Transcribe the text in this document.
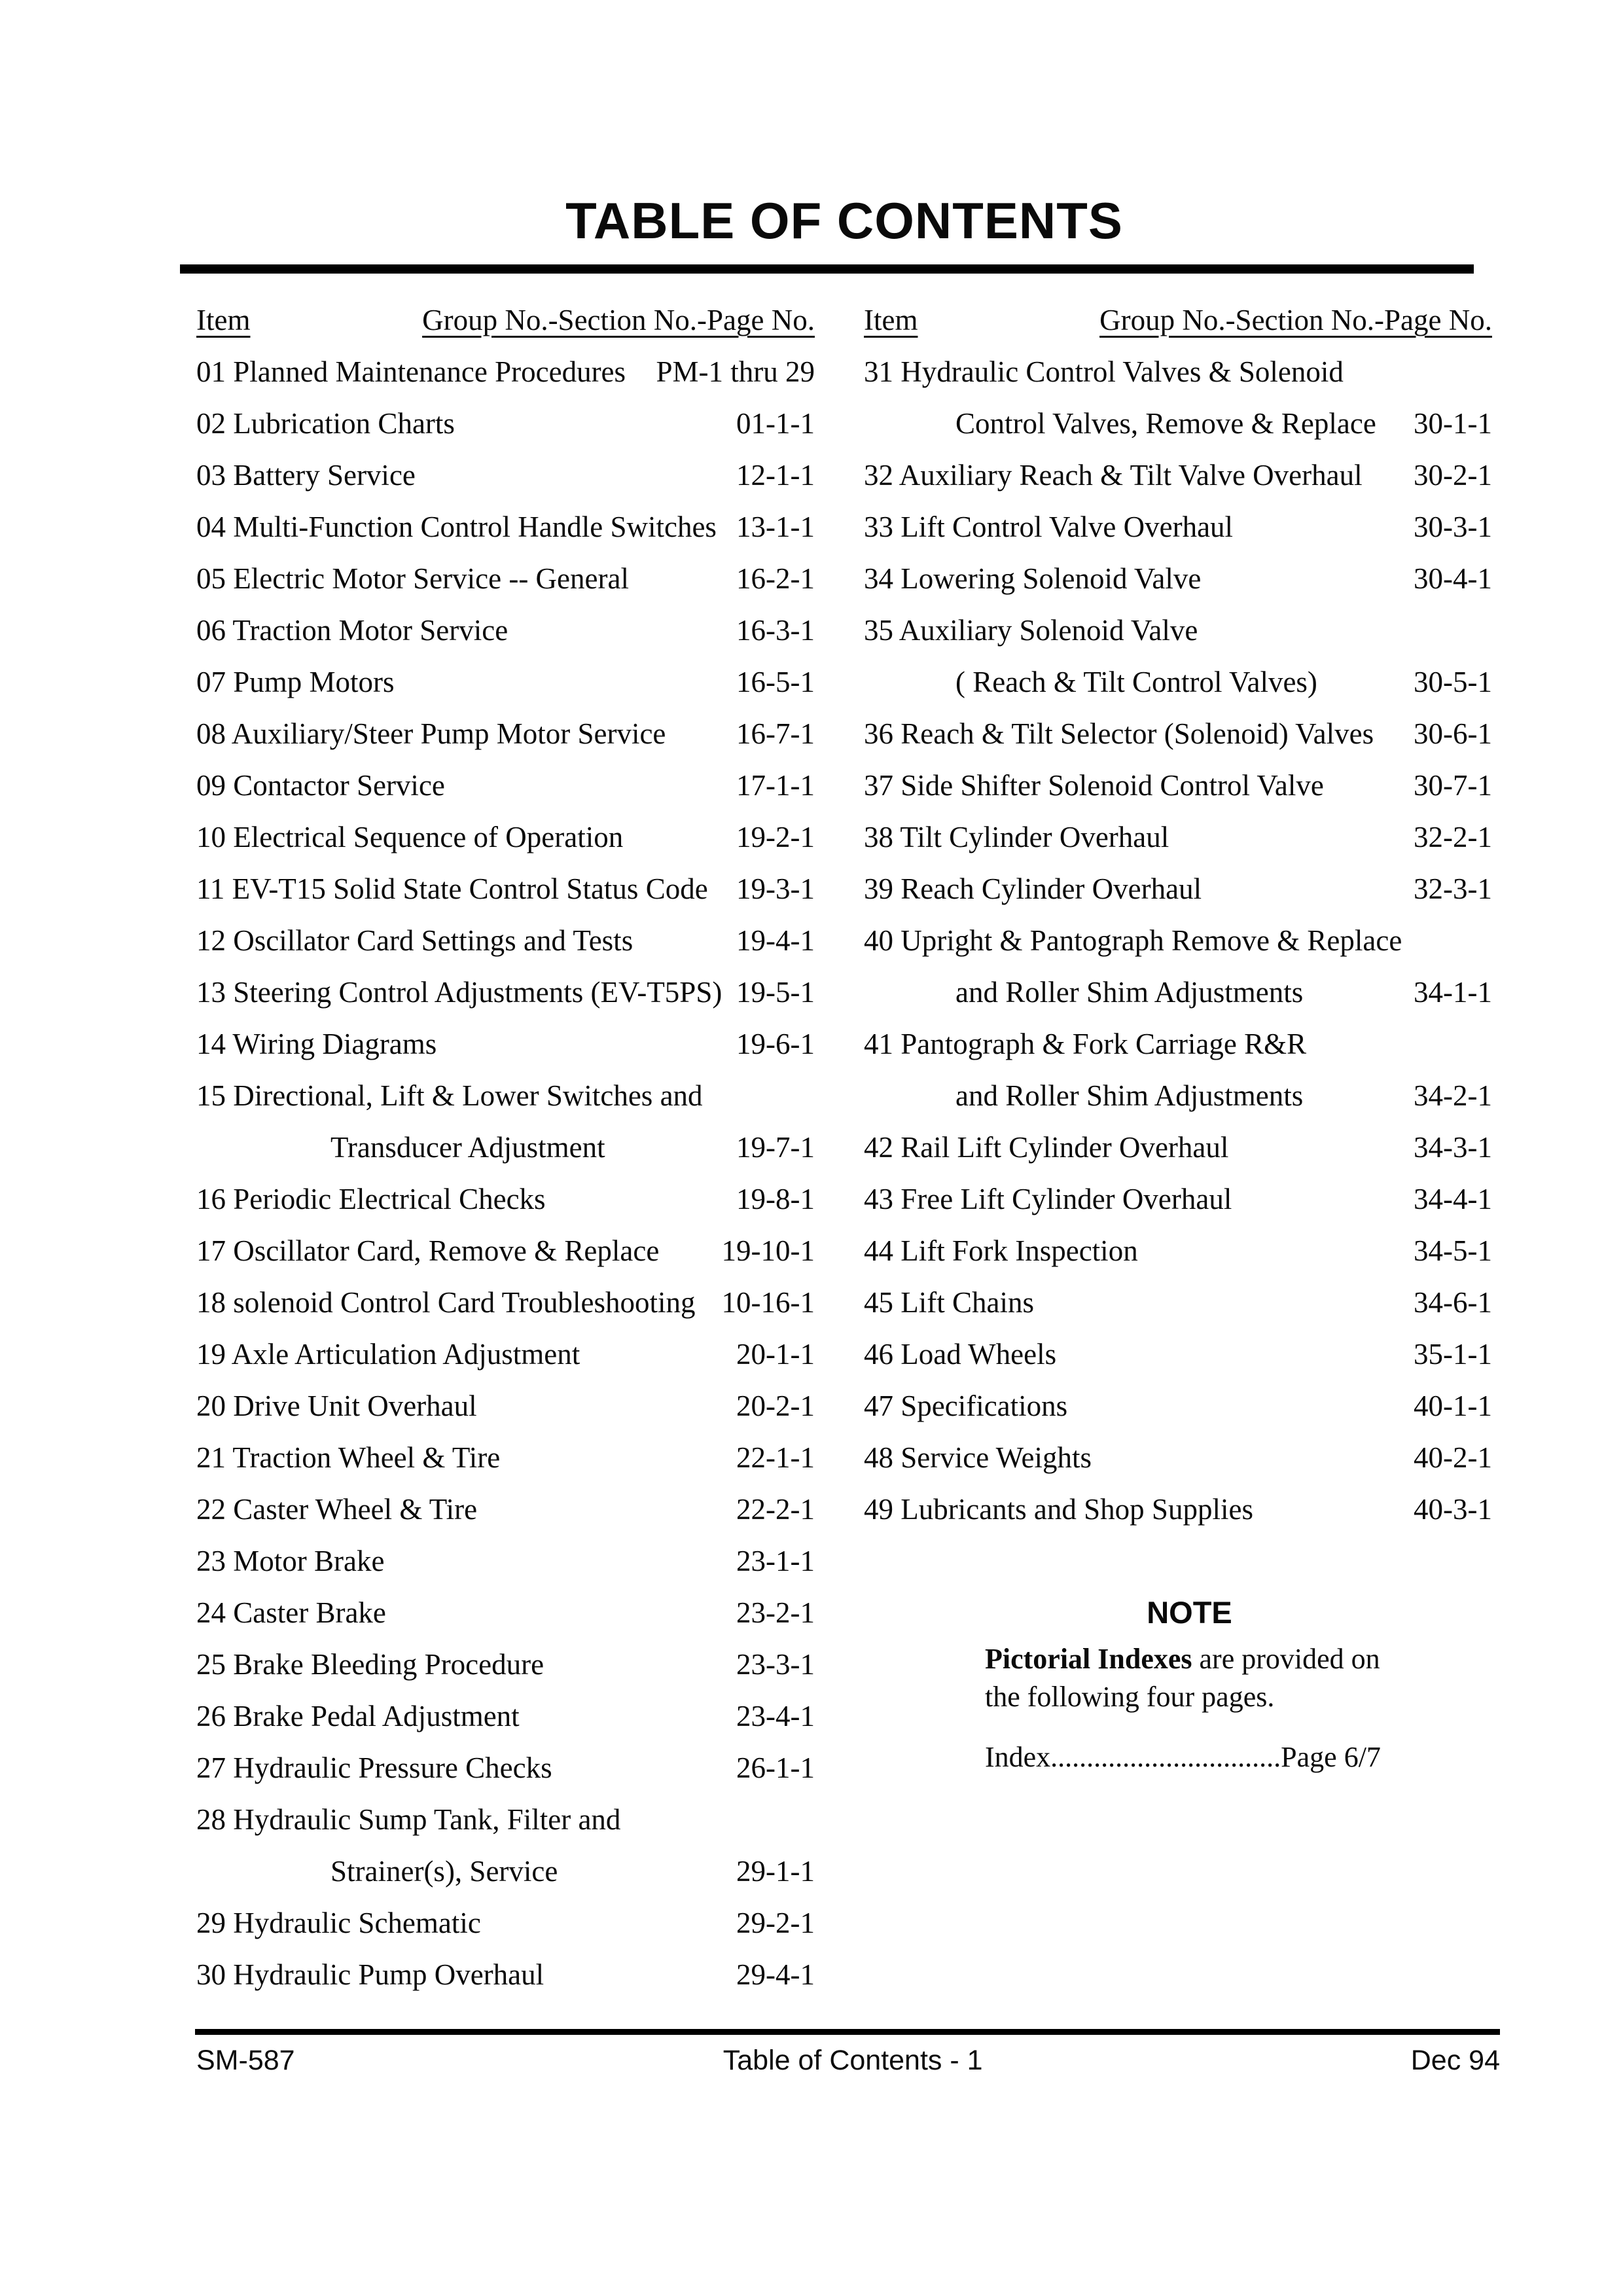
TABLE OF CONTENTS
Item	Group No.-Section No.-Page No.
01 Planned Maintenance Procedures	PM-1 thru 29
02 Lubrication Charts	01-1-1
03 Battery Service	12-1-1
04 Multi-Function Control Handle Switches 13-1-1
05 Electric Motor Service -- General	16-2-1
06 Traction Motor Service	16-3-1
07 Pump Motors	16-5-1
08 Auxiliary/Steer Pump Motor Service	16-7-1
09 Contactor Service	17-1-1
10 Electrical Sequence of Operation	19-2-1
11 EV-T15 Solid State Control Status Code 19-3-1
12 Oscillator Card Settings and Tests	19-4-1
13 Steering Control Adjustments (EV-T5PS) 19-5-1
14 Wiring Diagrams	19-6-1
15 Directional, Lift & Lower Switches and
Transducer Adjustment	19-7-1
16 Periodic Electrical Checks	19-8-1
17 Oscillator Card, Remove & Replace	19-10-1
18 solenoid Control Card Troubleshooting 10-16-1
19 Axle Articulation Adjustment	20-1-1
20 Drive Unit Overhaul	20-2-1
21 Traction Wheel & Tire	22-1-1
22 Caster Wheel & Tire	22-2-1
23 Motor Brake	23-1-1
24 Caster Brake	23-2-1
25 Brake Bleeding Procedure	23-3-1
26 Brake Pedal Adjustment	23-4-1
27 Hydraulic Pressure Checks	26-1-1
28 Hydraulic Sump Tank, Filter and
Strainer(s), Service	29-1-1
29 Hydraulic Schematic	29-2-1
30 Hydraulic Pump Overhaul	29-4-1
Item	Group No.-Section No.-Page No.
31 Hydraulic Control Valves & Solenoid
Control Valves, Remove & Replace	30-1-1
32 Auxiliary Reach & Tilt Valve Overhaul	30-2-1
33 Lift Control Valve Overhaul	30-3-1
34 Lowering Solenoid Valve	30-4-1
35 Auxiliary Solenoid Valve
( Reach & Tilt Control Valves)	30-5-1
36 Reach & Tilt Selector (Solenoid) Valves	30-6-1
37 Side Shifter Solenoid Control Valve	30-7-1
38 Tilt Cylinder Overhaul	32-2-1
39 Reach Cylinder Overhaul	32-3-1
40 Upright & Pantograph Remove & Replace
and Roller Shim Adjustments	34-1-1
41 Pantograph & Fork Carriage R&R
and Roller Shim Adjustments	34-2-1
42 Rail Lift Cylinder Overhaul	34-3-1
43 Free Lift Cylinder Overhaul	34-4-1
44 Lift Fork Inspection	34-5-1
45 Lift Chains	34-6-1
46 Load Wheels	35-1-1
47 Specifications	40-1-1
48 Service Weights	40-2-1
49 Lubricants and Shop Supplies	40-3-1
NOTE
Pictorial Indexes are provided on
the following four pages.
Index................................Page 6/7
SM-587	Table of Contents - 1	Dec 94
